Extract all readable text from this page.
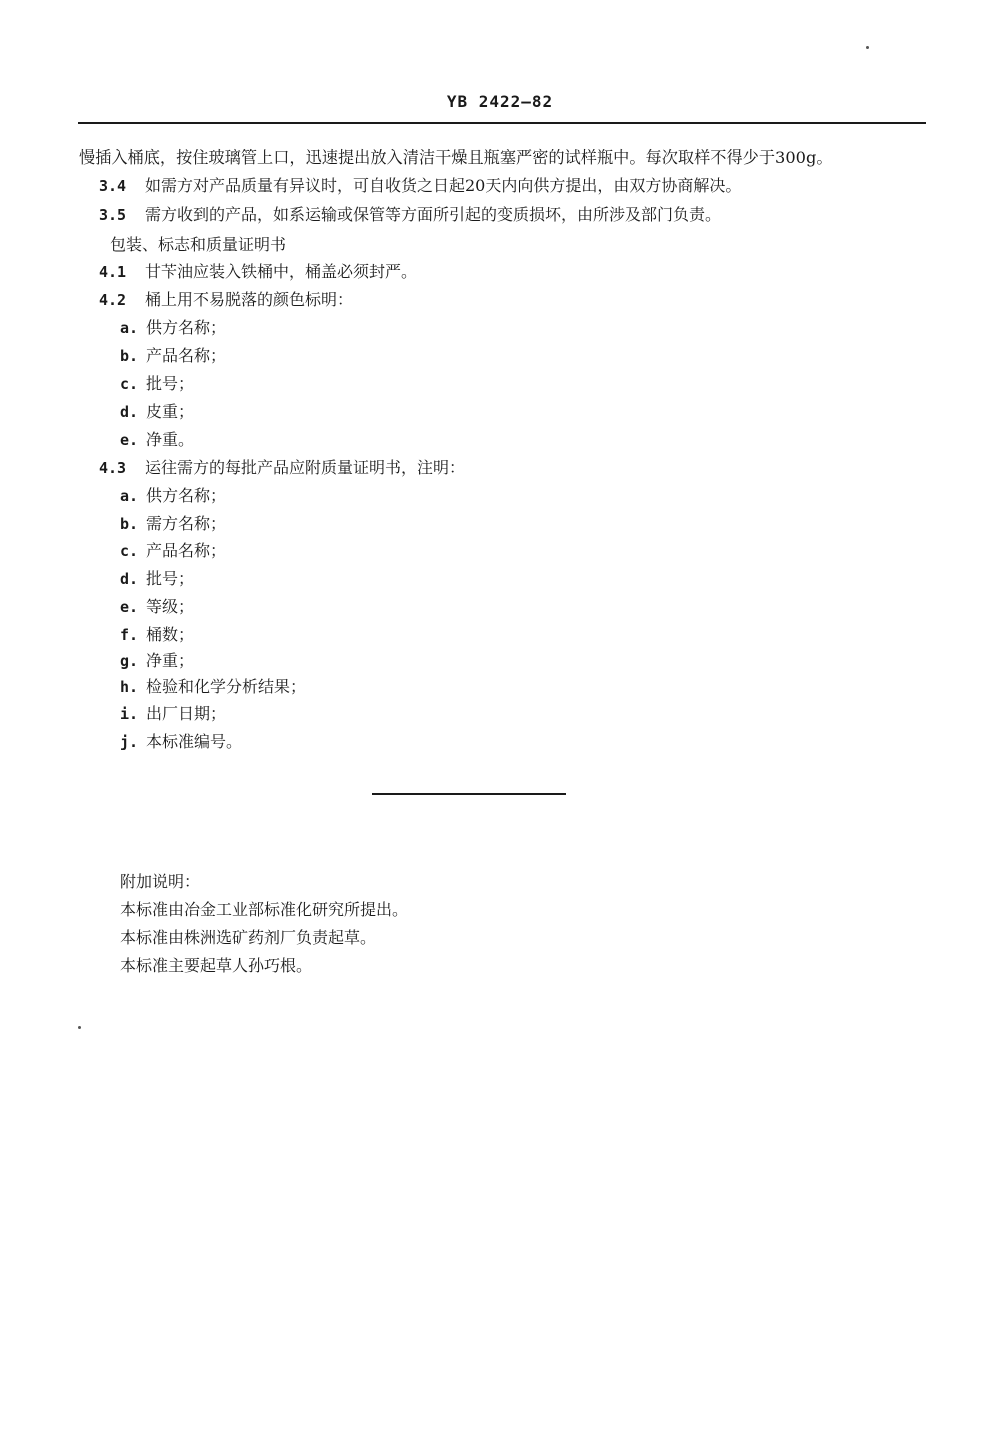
YB 2422—82
慢插入桶底，按住玻璃管上口，迅速提出放入清洁干燥且瓶塞严密的试样瓶中。每次取样不得少于300g。
3.4 如需方对产品质量有异议时，可自收货之日起20天内向供方提出，由双方协商解决。
3.5 需方收到的产品，如系运输或保管等方面所引起的变质损坏，由所涉及部门负责。
包装、标志和质量证明书
4.1 甘苄油应装入铁桶中，桶盖必须封严。
4.2 桶上用不易脱落的颜色标明：
a. 供方名称；
b. 产品名称；
c. 批号；
d. 皮重；
e. 净重。
4.3 运往需方的每批产品应附质量证明书，注明：
a. 供方名称；
b. 需方名称；
c. 产品名称；
d. 批号；
e. 等级；
f. 桶数；
g. 净重；
h. 检验和化学分析结果；
i. 出厂日期；
j. 本标准编号。
附加说明：
本标准由冶金工业部标准化研究所提出。
本标准由株洲选矿药剂厂负责起草。
本标准主要起草人孙巧根。
